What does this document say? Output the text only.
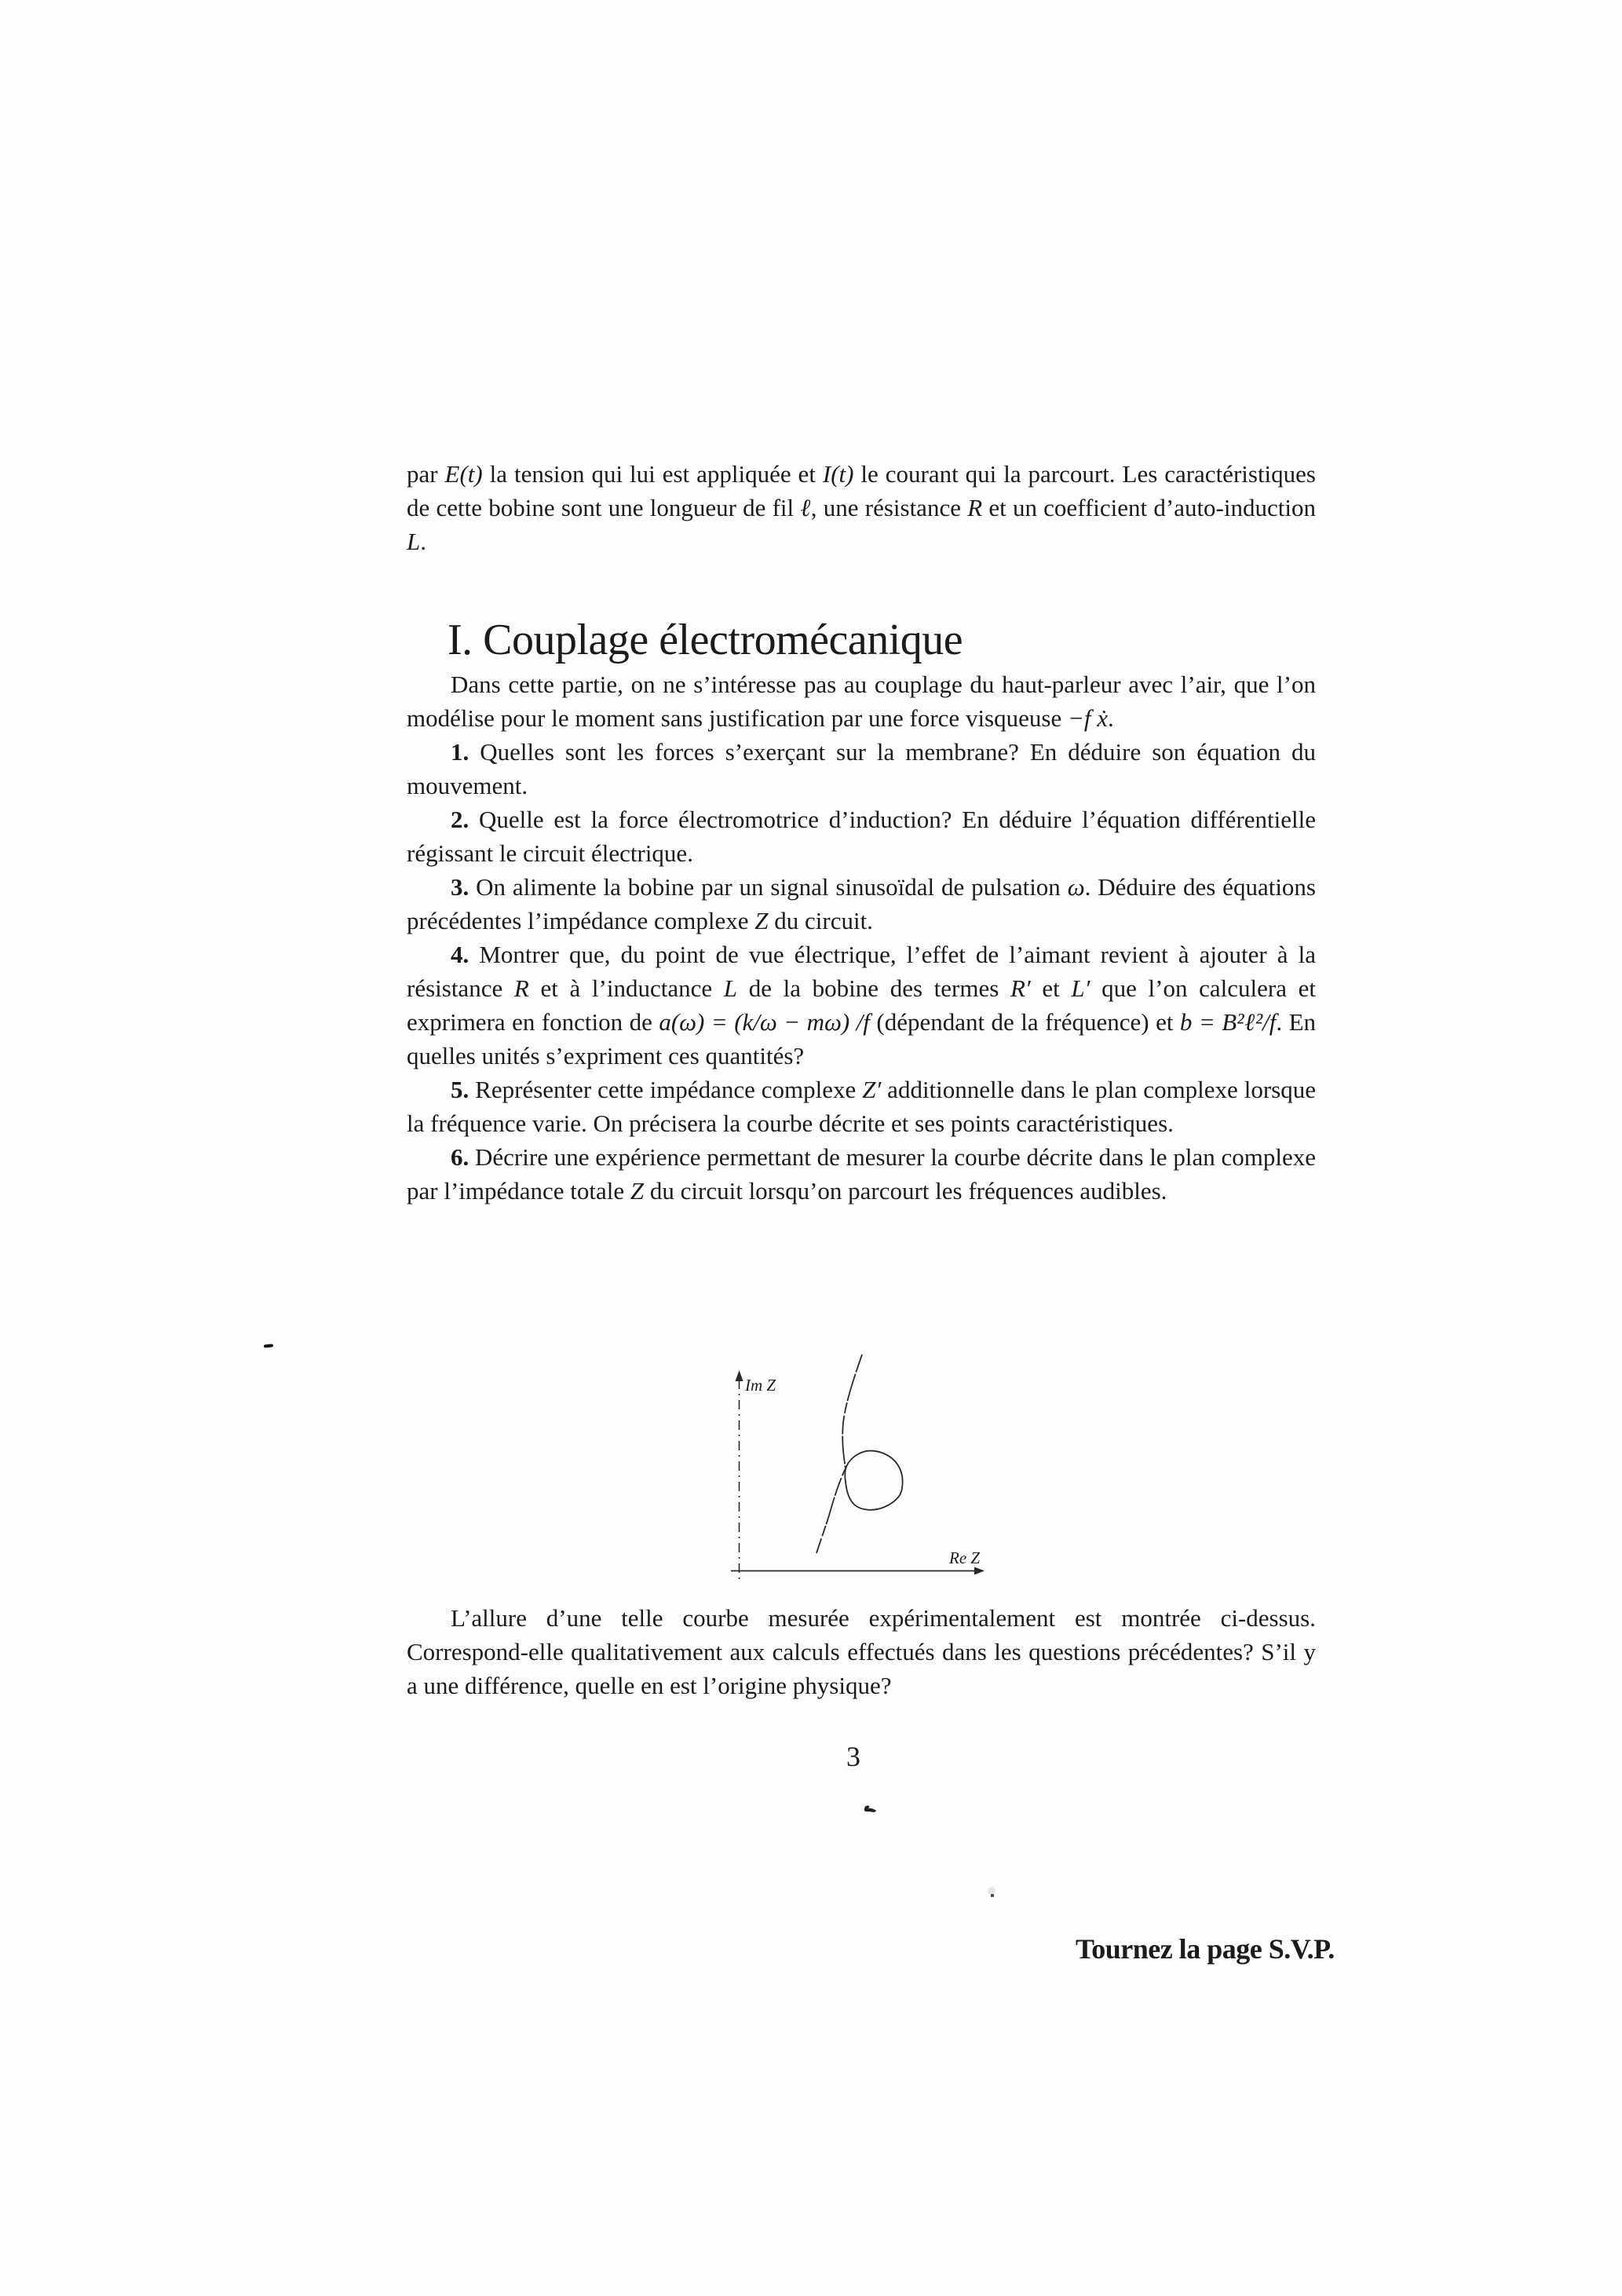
par E(t) la tension qui lui est appliquée et I(t) le courant qui la parcourt. Les caractéristiques de cette bobine sont une longueur de fil ℓ, une résistance R et un coefficient d’auto-induction L.

I. Couplage électromécanique

Dans cette partie, on ne s’intéresse pas au couplage du haut-parleur avec l’air, que l’on modélise pour le moment sans justification par une force visqueuse −f ẋ.

1. Quelles sont les forces s’exerçant sur la membrane? En déduire son équation du mouvement.

2. Quelle est la force électromotrice d’induction? En déduire l’équation différentielle régissant le circuit électrique.

3. On alimente la bobine par un signal sinusoïdal de pulsation ω. Déduire des équations précédentes l’impédance complexe Z du circuit.

4. Montrer que, du point de vue électrique, l’effet de l’aimant revient à ajouter à la résistance R et à l’inductance L de la bobine des termes R′ et L′ que l’on calculera et exprimera en fonction de a(ω) = (k/ω − mω) /f (dépendant de la fréquence) et b = B²ℓ²/f. En quelles unités s’expriment ces quantités?

5. Représenter cette impédance complexe Z′ additionnelle dans le plan complexe lorsque la fréquence varie. On précisera la courbe décrite et ses points caractéristiques.

6. Décrire une expérience permettant de mesurer la courbe décrite dans le plan complexe par l’impédance totale Z du circuit lorsqu’on parcourt les fréquences audibles.

Im Z
Re Z

L’allure d’une telle courbe mesurée expérimentalement est montrée ci-dessus. Correspond-elle qualitativement aux calculs effectués dans les questions précédentes? S’il y a une différence, quelle en est l’origine physique?

3
Tournez la page S.V.P.
